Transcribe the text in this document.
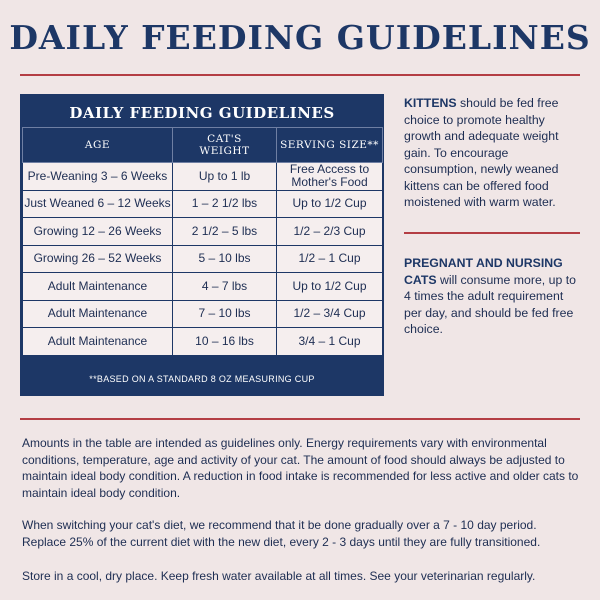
DAILY FEEDING GUIDELINES
DAILY FEEDING GUIDELINES
AGE	CAT'S WEIGHT	SERVING SIZE**
Pre-Weaning 3 – 6 Weeks	Up to 1 lb	Free Access to Mother's Food
Just Weaned 6 – 12 Weeks	1 – 2 1/2 lbs	Up to 1/2 Cup
Growing 12 – 26 Weeks	2 1/2 – 5 lbs	1/2 – 2/3 Cup
Growing 26 – 52 Weeks	5 – 10 lbs	1/2 – 1 Cup
Adult Maintenance	4 – 7 lbs	Up to 1/2 Cup
Adult Maintenance	7 – 10 lbs	1/2 – 3/4 Cup
Adult Maintenance	10 – 16 lbs	3/4 – 1 Cup
**BASED ON A STANDARD 8 OZ MEASURING CUP
KITTENS should be fed free choice to promote healthy growth and adequate weight gain. To encourage consumption, newly weaned kittens can be offered food moistened with warm water.
PREGNANT AND NURSING CATS will consume more, up to 4 times the adult requirement per day, and should be fed free choice.
Amounts in the table are intended as guidelines only. Energy requirements vary with environmental conditions, temperature, age and activity of your cat. The amount of food should always be adjusted to maintain ideal body condition. A reduction in food intake is recommended for less active and older cats to maintain ideal body condition.
When switching your cat's diet, we recommend that it be done gradually over a 7 - 10 day period. Replace 25% of the current diet with the new diet, every 2 - 3 days until they are fully transitioned.
Store in a cool, dry place. Keep fresh water available at all times. See your veterinarian regularly.
